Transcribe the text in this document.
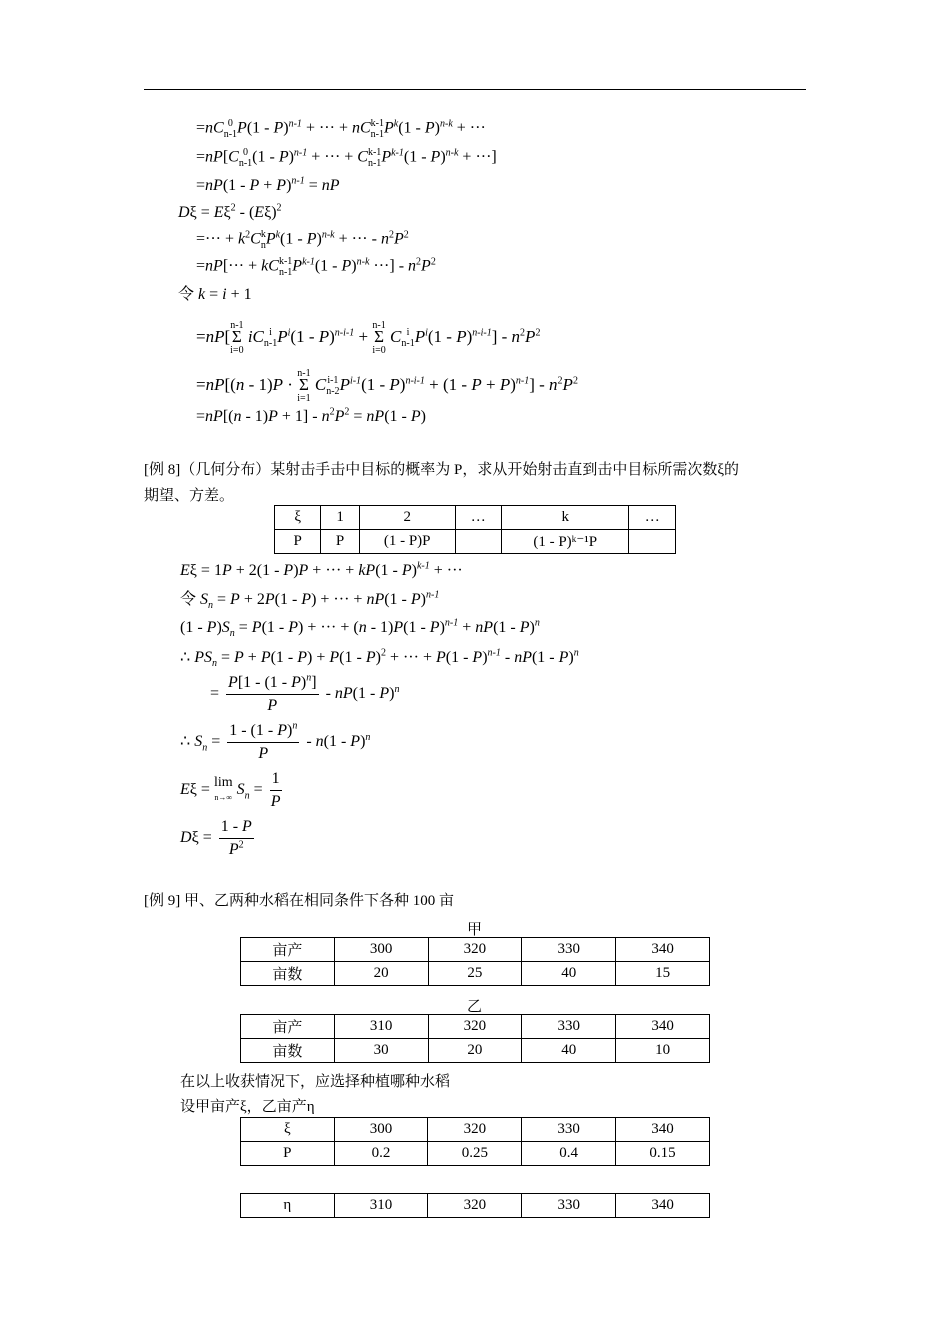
=nC 0
n-1P(1 - P)$^{n-1}$ + ··· + nCk-1
$n-1P^k(1 - P)^{n-k}$ + ···
=nP[C 0
n-1(1 - P)$^{n-1}$ + ··· + Ck-1
$n-1P^{k-1}(1 - P)^{n-k}$ + ···]
$=nP(1 - P + P)^{n-1}$ = nP
$D\xi = E\xi^2 - (E\xi)^2$
=··· + $k^2Ck$
$nP^k(1 - P)^{n-k}$ + ··· - $n^2P^2$
=nP[··· + kCk-1
$n-1P^{k-1}(1 - P)^{n-k}$ ···] - $n^2P^2$
令 k = i + 1
=nP[n-1
Σ
i=0 iC i
$n-1P^i(1 - P)^{n-i-1} + n-1$
Σ
i=0 C i
$n-1P^i(1 - P)^{n-i-1}] - n^2P^2$
=nP[(n - 1)P · n-1
Σ
i=1 Ci-1
$n-2P^{i-1}(1 - P)^{n-i-1} + (1 - P + P)^{n-1}] - n^2P^2$
$=nP[(n - 1)P + 1] - n^2P^2 = nP(1 - P)$
[例 8]（几何分布）某射击手击中目标的概率为 P，求从开始射击直到击中目标所需次数ξ的
期望、方差。
ξ	1	2	…	k	…
P	P	(1 - P)P		(1 - P)ᵏ⁻¹P	
Eξ = 1P + 2(1 - P)P + ··· + kP(1 - P)$^{k-1}$ + ···
令 $S_n = P + 2P(1 - P)$ + ··· + nP(1 - P)$^{n-1}$
$(1 - P)S_n = P(1 - P)$ + ··· + (n - 1)P(1 - P)$^{n-1}$ + nP(1 - P)$^n$
∴ $PS_n = P + P(1 - P) + P(1 - P)^2$ + ··· + P(1 - P)$^{n-1}$ - nP(1 - P)$^n$
= $\frac{P[1 - (1 - P)^n]}{P} - nP(1 - P)^n$
∴ $S_n = \frac{1 - (1 - P)^n}{P} - n(1 - P)^n$
Eξ = lim
n→∞ $S_n = \frac{1}{P}$
$D\xi = \frac{1 - P}{P^2}$
[例 9] 甲、乙两种水稻在相同条件下各种 100 亩
甲
亩产	300	320	330	340
亩数	20	25	40	15
乙
亩产	310	320	330	340
亩数	30	20	40	10
在以上收获情况下，应选择种植哪种水稻
设甲亩产ξ，乙亩产η
ξ	300	320	330	340
P	0.2	0.25	0.4	0.15
η	310	320	330	340
